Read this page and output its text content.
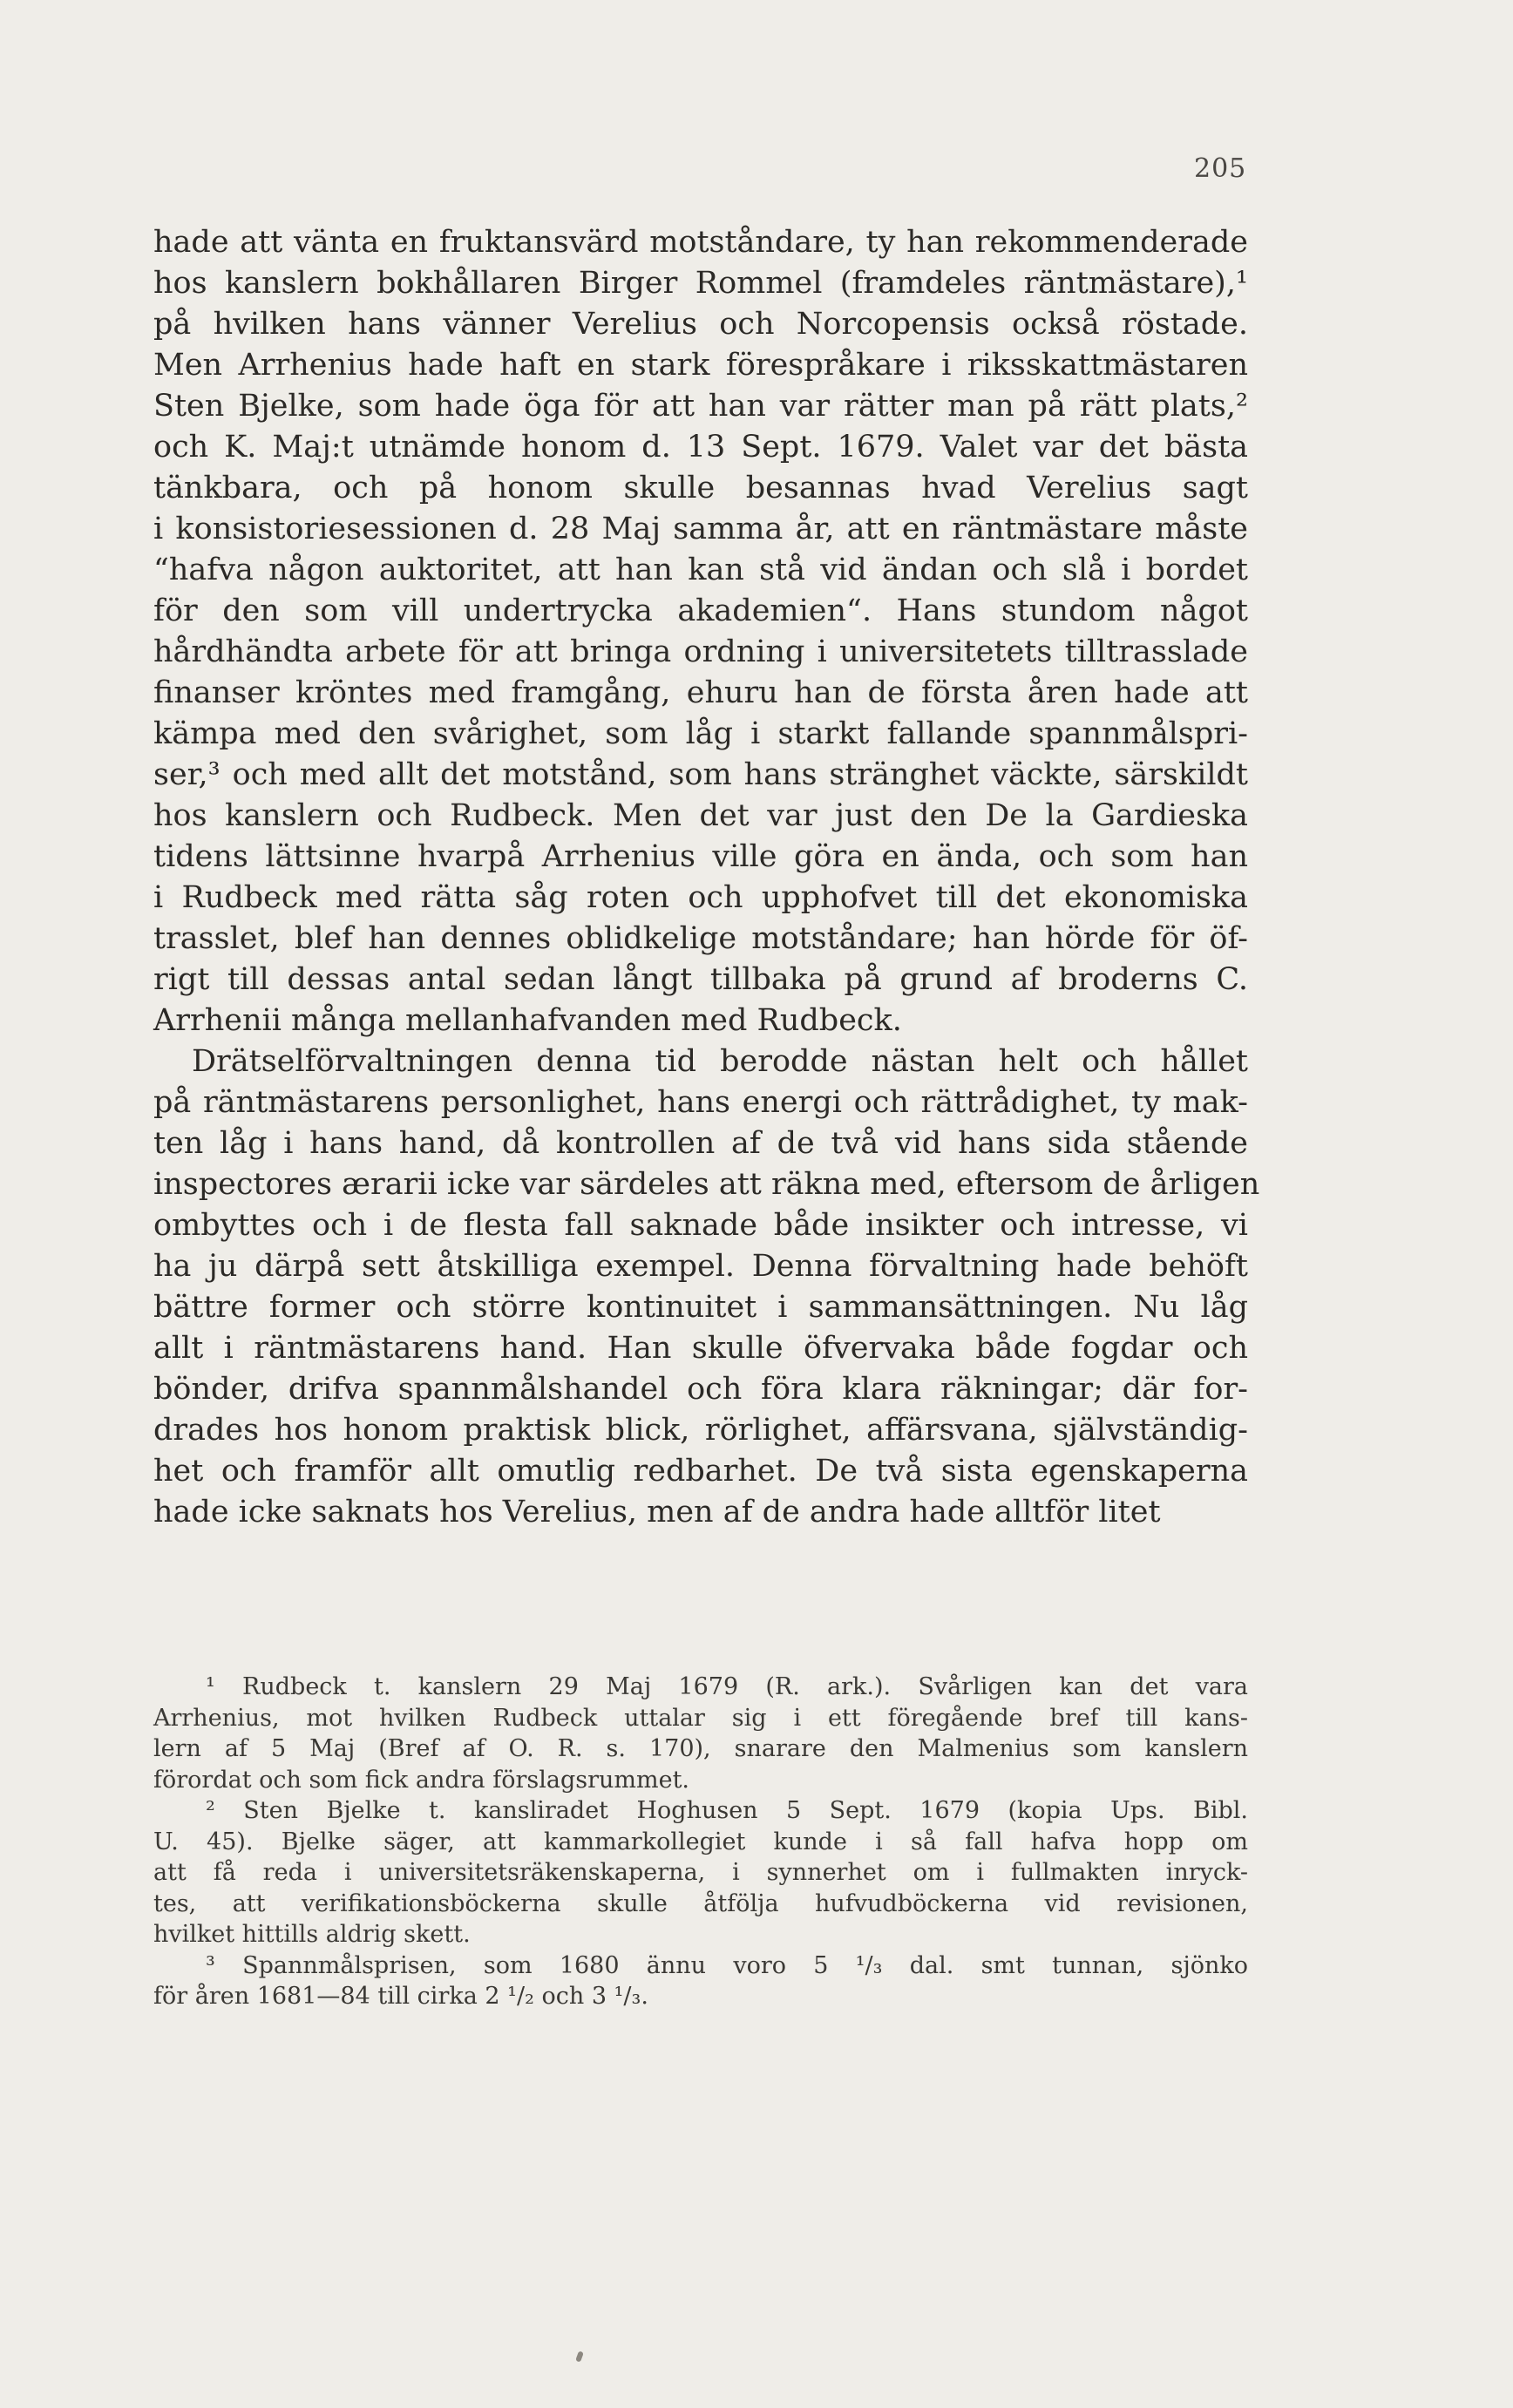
205
hade att vänta en fruktansvärd motståndare, ty han rekommenderade
hos kanslern bokhållaren Birger Rommel (framdeles räntmästare),¹
på hvilken hans vänner Verelius och Norcopensis också röstade.
Men Arrhenius hade haft en stark förespråkare i riksskattmästaren
Sten Bjelke, som hade öga för att han var rätter man på rätt plats,²
och K. Maj:t utnämde honom d. 13 Sept. 1679. Valet var det bästa
tänkbara, och på honom skulle besannas hvad Verelius sagt
i konsistoriesessionen d. 28 Maj samma år, att en räntmästare måste
“hafva någon auktoritet, att han kan stå vid ändan och slå i bordet
för den som vill undertrycka akademien“. Hans stundom något
hårdhändta arbete för att bringa ordning i universitetets tilltrasslade
finanser kröntes med framgång, ehuru han de första åren hade att
kämpa med den svårighet, som låg i starkt fallande spannmålspri-
ser,³ och med allt det motstånd, som hans stränghet väckte, särskildt
hos kanslern och Rudbeck. Men det var just den De la Gardieska
tidens lättsinne hvarpå Arrhenius ville göra en ända, och som han
i Rudbeck med rätta såg roten och upphofvet till det ekonomiska
trasslet, blef han dennes oblidkelige motståndare; han hörde för öf-
rigt till dessas antal sedan långt tillbaka på grund af broderns C.
Arrhenii många mellanhafvanden med Rudbeck.
Drätselförvaltningen denna tid berodde nästan helt och hållet
på räntmästarens personlighet, hans energi och rättrådighet, ty mak-
ten låg i hans hand, då kontrollen af de två vid hans sida stående
inspectores ærarii icke var särdeles att räkna med, eftersom de årligen
ombyttes och i de flesta fall saknade både insikter och intresse, vi
ha ju därpå sett åtskilliga exempel. Denna förvaltning hade behöft
bättre former och större kontinuitet i sammansättningen. Nu låg
allt i räntmästarens hand. Han skulle öfvervaka både fogdar och
bönder, drifva spannmålshandel och föra klara räkningar; där for-
drades hos honom praktisk blick, rörlighet, affärsvana, självständig-
het och framför allt omutlig redbarhet. De två sista egenskaperna
hade icke saknats hos Verelius, men af de andra hade alltför litet
¹ Rudbeck t. kanslern 29 Maj 1679 (R. ark.). Svårligen kan det vara
Arrhenius, mot hvilken Rudbeck uttalar sig i ett föregående bref till kans-
lern af 5 Maj (Bref af O. R. s. 170), snarare den Malmenius som kanslern
förordat och som fick andra förslagsrummet.
² Sten Bjelke t. kansliradet Hoghusen 5 Sept. 1679 (kopia Ups. Bibl.
U. 45). Bjelke säger, att kammarkollegiet kunde i så fall hafva hopp om
att få reda i universitetsräkenskaperna, i synnerhet om i fullmakten inryck-
tes, att verifikationsböckerna skulle åtfölja hufvudböckerna vid revisionen,
hvilket hittills aldrig skett.
³ Spannmålsprisen, som 1680 ännu voro 5 ¹/₃ dal. smt tunnan, sjönko
för åren 1681—84 till cirka 2 ¹/₂ och 3 ¹/₃.
